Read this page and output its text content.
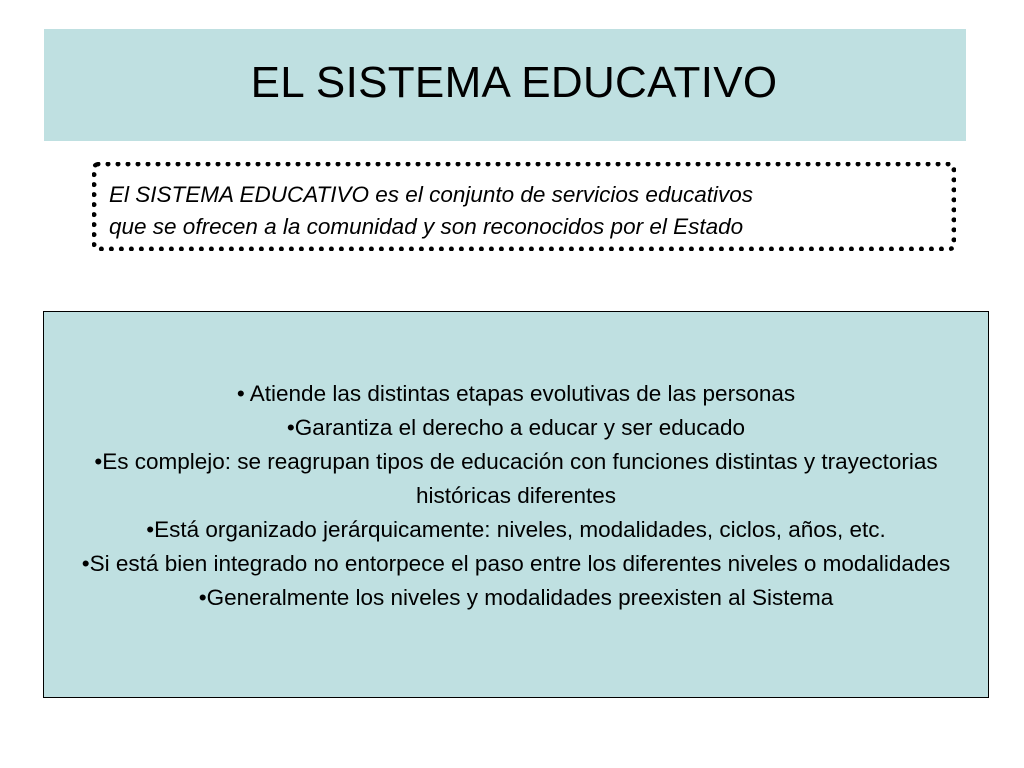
EL SISTEMA EDUCATIVO
El SISTEMA EDUCATIVO es el conjunto de servicios educativos
que se ofrecen a la comunidad y son reconocidos por el Estado
• Atiende las distintas etapas evolutivas de las personas
•Garantiza el derecho a educar y ser educado
•Es complejo: se reagrupan tipos de educación con funciones distintas y trayectorias históricas diferentes
•Está organizado jerárquicamente: niveles, modalidades, ciclos, años, etc.
•Si está bien integrado no entorpece el paso entre los diferentes niveles o modalidades
•Generalmente los niveles y modalidades preexisten al Sistema
